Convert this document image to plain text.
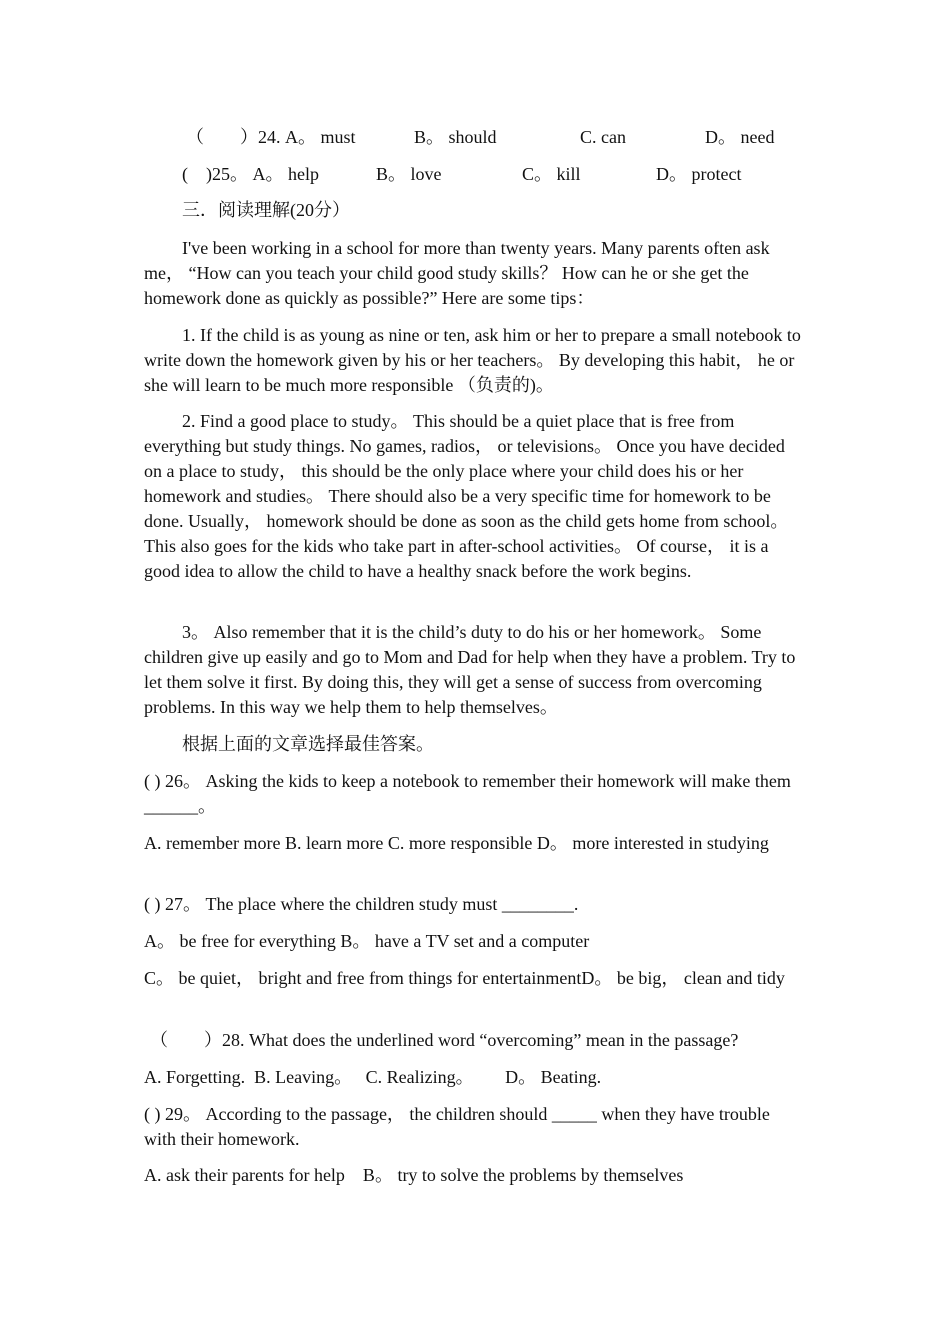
（　　）24. A。 must	B。 should	C. can	D。 need
(　)25。 A。 help	B。 love	C。 kill	D。 protect
三．阅读理解(20分）
I've been working in a school for more than twenty years. Many parents often ask me， “How can you teach your child good study skills？ How can he or she get the homework done as quickly as possible?” Here are some tips：
1. If the child is as young as nine or ten, ask him or her to prepare a small notebook to write down the homework given by his or her teachers。 By developing this habit， he or she will learn to be much more responsible （负责的)。
2. Find a good place to study。 This should be a quiet place that is free from everything but study things. No games, radios， or televisions。 Once you have decided on a place to study， this should be the only place where your child does his or her homework and studies。 There should also be a very specific time for homework to be done. Usually， homework should be done as soon as the child gets home from school。 This also goes for the kids who take part in after-school activities。 Of course， it is a good idea to allow the child to have a healthy snack before the work begins.
3。 Also remember that it is the child’s duty to do his or her homework。 Some children give up easily and go to Mom and Dad for help when they have a problem. Try to let them solve it first. By doing this, they will get a sense of success from overcoming problems. In this way we help them to help themselves。
根据上面的文章选择最佳答案。
( ) 26。 Asking the kids to keep a notebook to remember their homework will make them ______。
A. remember more B. learn more C. more responsible D。 more interested in studying
( ) 27。 The place where the children study must ________.
A。 be free for everything B。 have a TV set and a computer
C。 be quiet， bright and free from things for entertainmentD。 be big， clean and tidy
（　　）28. What does the underlined word “overcoming” mean in the passage?
A. Forgetting.  B. Leaving。   C. Realizing。       D。 Beating.
( ) 29。 According to the passage， the children should _____ when they have trouble with their homework.
A. ask their parents for help    B。 try to solve the problems by themselves
